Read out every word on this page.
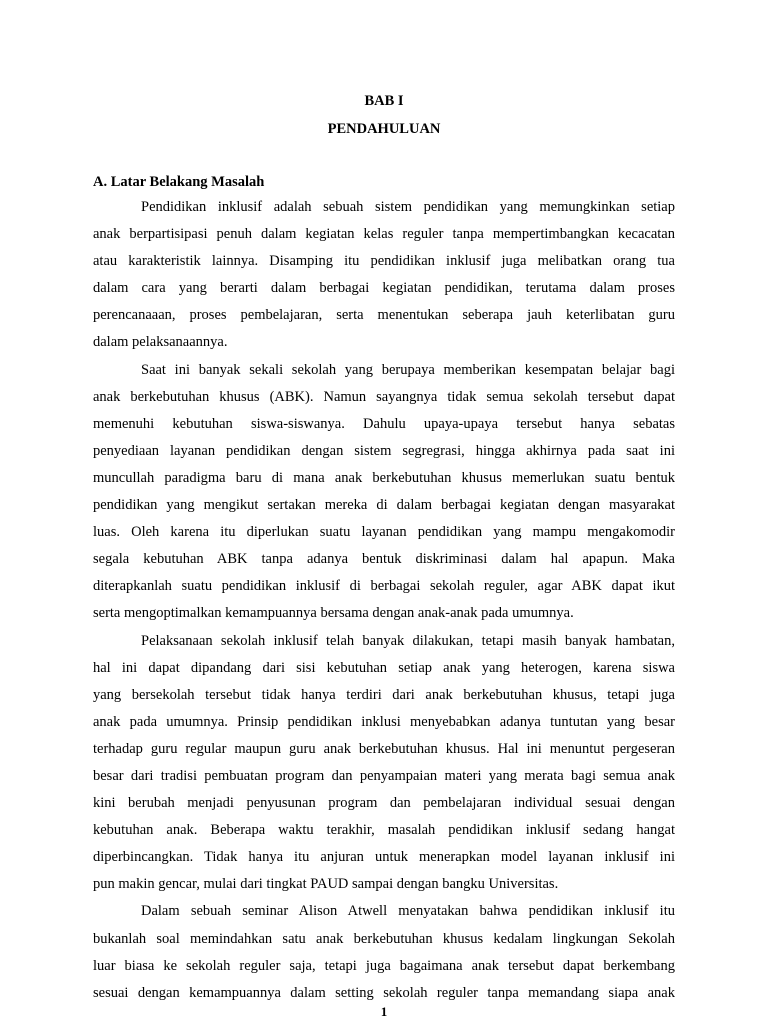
BAB I
PENDAHULUAN
A. Latar Belakang Masalah
Pendidikan inklusif adalah sebuah sistem pendidikan yang memungkinkan setiap
anak berpartisipasi penuh dalam kegiatan kelas reguler tanpa mempertimbangkan kecacatan
atau karakteristik lainnya. Disamping itu pendidikan inklusif juga melibatkan orang tua
dalam cara yang berarti dalam berbagai kegiatan pendidikan, terutama dalam proses
perencanaaan, proses pembelajaran, serta menentukan seberapa jauh keterlibatan guru
dalam pelaksanaannya.
Saat ini banyak sekali sekolah yang berupaya memberikan kesempatan belajar bagi
anak berkebutuhan khusus (ABK). Namun sayangnya tidak semua sekolah tersebut dapat
memenuhi kebutuhan siswa-siswanya. Dahulu upaya-upaya tersebut hanya sebatas
penyediaan layanan pendidikan dengan sistem segregrasi, hingga akhirnya pada saat ini
muncullah paradigma baru di mana anak berkebutuhan khusus memerlukan suatu bentuk
pendidikan yang mengikut sertakan mereka di dalam berbagai kegiatan dengan masyarakat
luas. Oleh karena itu diperlukan suatu layanan pendidikan yang mampu mengakomodir
segala kebutuhan ABK tanpa adanya bentuk diskriminasi dalam hal apapun. Maka
diterapkanlah suatu pendidikan inklusif di berbagai sekolah reguler, agar ABK dapat ikut
serta mengoptimalkan kemampuannya bersama dengan anak-anak pada umumnya.
Pelaksanaan sekolah inklusif telah banyak dilakukan, tetapi masih banyak hambatan,
hal ini dapat dipandang dari sisi kebutuhan setiap anak yang heterogen, karena siswa
yang bersekolah tersebut tidak hanya terdiri dari anak berkebutuhan khusus, tetapi juga
anak pada umumnya. Prinsip pendidikan inklusi menyebabkan adanya tuntutan yang besar
terhadap guru regular maupun guru anak berkebutuhan khusus. Hal ini menuntut pergeseran
besar dari tradisi pembuatan program dan penyampaian materi yang merata bagi semua anak
kini berubah menjadi penyusunan program dan pembelajaran individual sesuai dengan
kebutuhan anak. Beberapa waktu terakhir, masalah pendidikan inklusif sedang hangat
diperbincangkan. Tidak hanya itu anjuran untuk menerapkan model layanan inklusif ini
pun makin gencar, mulai dari tingkat PAUD sampai dengan bangku Universitas.
Dalam sebuah seminar Alison Atwell menyatakan bahwa pendidikan inklusif itu
bukanlah soal memindahkan satu anak berkebutuhan khusus kedalam lingkungan Sekolah
luar biasa ke sekolah reguler saja, tetapi juga bagaimana anak tersebut dapat berkembang
sesuai dengan kemampuannya dalam setting sekolah reguler tanpa memandang siapa anak
1
